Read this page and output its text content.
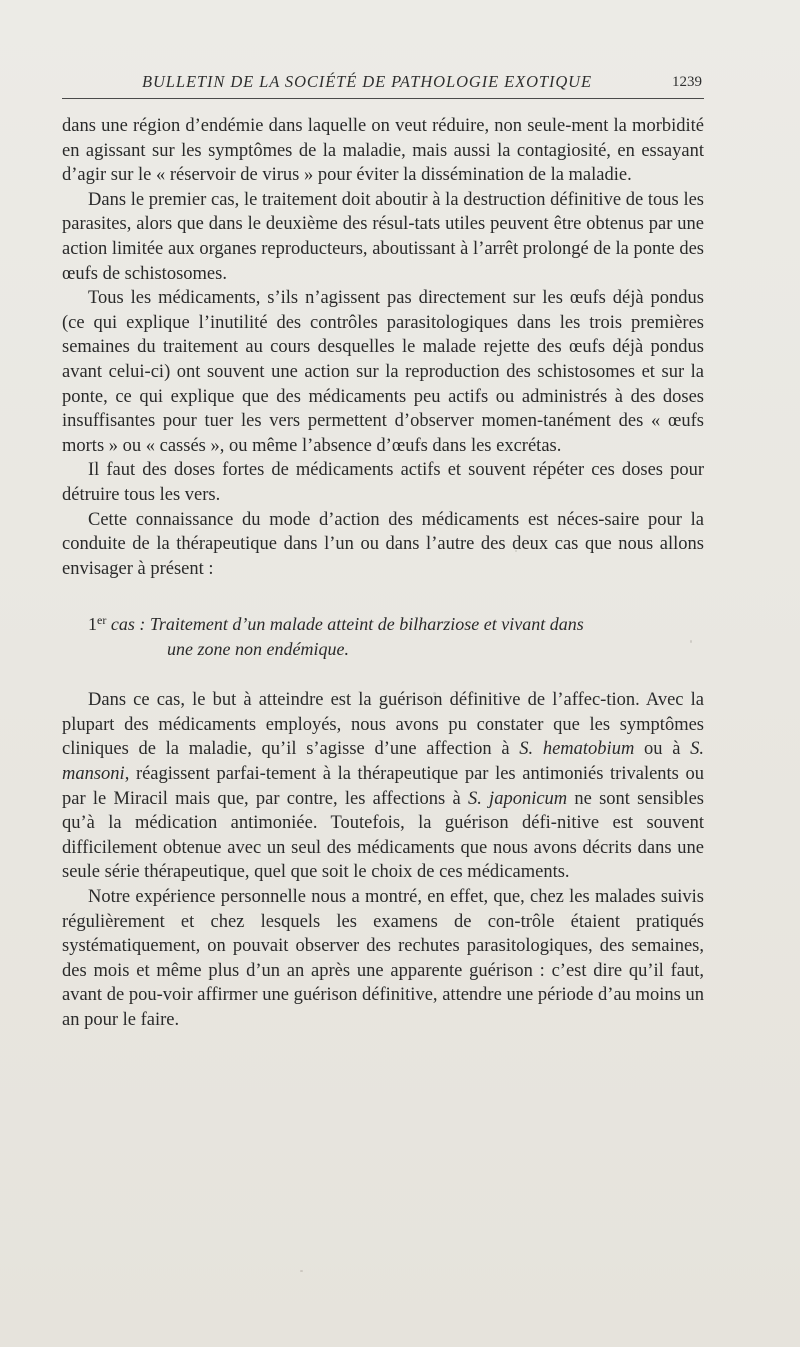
BULLETIN DE LA SOCIÉTÉ DE PATHOLOGIE EXOTIQUE	1239

dans une région d’endémie dans laquelle on veut réduire, non seule-ment la morbidité en agissant sur les symptômes de la maladie, mais aussi la contagiosité, en essayant d’agir sur le « réservoir de virus » pour éviter la dissémination de la maladie.

Dans le premier cas, le traitement doit aboutir à la destruction définitive de tous les parasites, alors que dans le deuxième des résul-tats utiles peuvent être obtenus par une action limitée aux organes reproducteurs, aboutissant à l’arrêt prolongé de la ponte des œufs de schistosomes.

Tous les médicaments, s’ils n’agissent pas directement sur les œufs déjà pondus (ce qui explique l’inutilité des contrôles parasitologiques dans les trois premières semaines du traitement au cours desquelles le malade rejette des œufs déjà pondus avant celui-ci) ont souvent une action sur la reproduction des schistosomes et sur la ponte, ce qui explique que des médicaments peu actifs ou administrés à des doses insuffisantes pour tuer les vers permettent d’observer momen-tanément des « œufs morts » ou « cassés », ou même l’absence d’œufs dans les excrétas.

Il faut des doses fortes de médicaments actifs et souvent répéter ces doses pour détruire tous les vers.

Cette connaissance du mode d’action des médicaments est néces-saire pour la conduite de la thérapeutique dans l’un ou dans l’autre des deux cas que nous allons envisager à présent :

1er cas : Traitement d’un malade atteint de bilharziose et vivant dans
une zone non endémique.

Dans ce cas, le but à atteindre est la guérison définitive de l’affec-tion. Avec la plupart des médicaments employés, nous avons pu constater que les symptômes cliniques de la maladie, qu’il s’agisse d’une affection à S. hematobium ou à S. mansoni, réagissent parfai-tement à la thérapeutique par les antimoniés trivalents ou par le Miracil mais que, par contre, les affections à S. japonicum ne sont sensibles qu’à la médication antimoniée. Toutefois, la guérison défi-nitive est souvent difficilement obtenue avec un seul des médicaments que nous avons décrits dans une seule série thérapeutique, quel que soit le choix de ces médicaments.

Notre expérience personnelle nous a montré, en effet, que, chez les malades suivis régulièrement et chez lesquels les examens de con-trôle étaient pratiqués systématiquement, on pouvait observer des rechutes parasitologiques, des semaines, des mois et même plus d’un an après une apparente guérison : c’est dire qu’il faut, avant de pou-voir affirmer une guérison définitive, attendre une période d’au moins un an pour le faire.
